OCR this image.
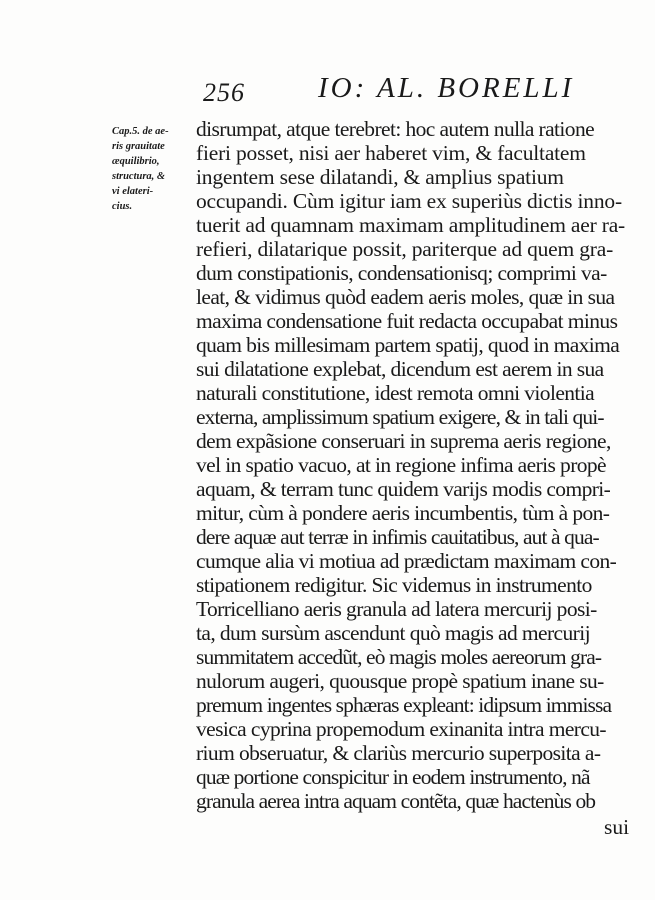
256	IO: AL. BORELLI
Cap.5. de ae-
ris grauitate
æquilibrio,
structura, &
vi elateri-
cius.
disrumpat, atque terebret: hoc autem nulla ratione
fieri posset, nisi aer haberet vim, & facultatem
ingentem sese dilatandi, & amplius spatium
occupandi. Cùm igitur iam ex superiùs dictis inno-
tuerit ad quamnam maximam amplitudinem aer ra-
refieri, dilatarique possit, pariterque ad quem gra-
dum constipationis, condensationisq; comprimi va-
leat, & vidimus quòd eadem aeris moles, quæ in sua
maxima condensatione fuit redacta occupabat minus
quam bis millesimam partem spatij, quod in maxima
sui dilatatione explebat, dicendum est aerem in sua
naturali constitutione, idest remota omni violentia
externa, amplissimum spatium exigere, & in tali qui-
dem expãsione conseruari in suprema aeris regione,
vel in spatio vacuo, at in regione infima aeris propè
aquam, & terram tunc quidem varijs modis compri-
mitur, cùm à pondere aeris incumbentis, tùm à pon-
dere aquæ aut terræ in infimis cauitatibus, aut à qua-
cumque alia vi motiua ad prædictam maximam con-
stipationem redigitur. Sic videmus in instrumento
Torricelliano aeris granula ad latera mercurij posi-
ta, dum sursùm ascendunt quò magis ad mercurij
summitatem accedũt, eò magis moles aereorum gra-
nulorum augeri, quousque propè spatium inane su-
premum ingentes sphæras expleant: idipsum immissa
vesica cyprina propemodum exinanita intra mercu-
rium obseruatur, & clariùs mercurio superposita a-
quæ portione conspicitur in eodem instrumento, nã
granula aerea intra aquam contẽta, quæ hactenùs ob
sui
